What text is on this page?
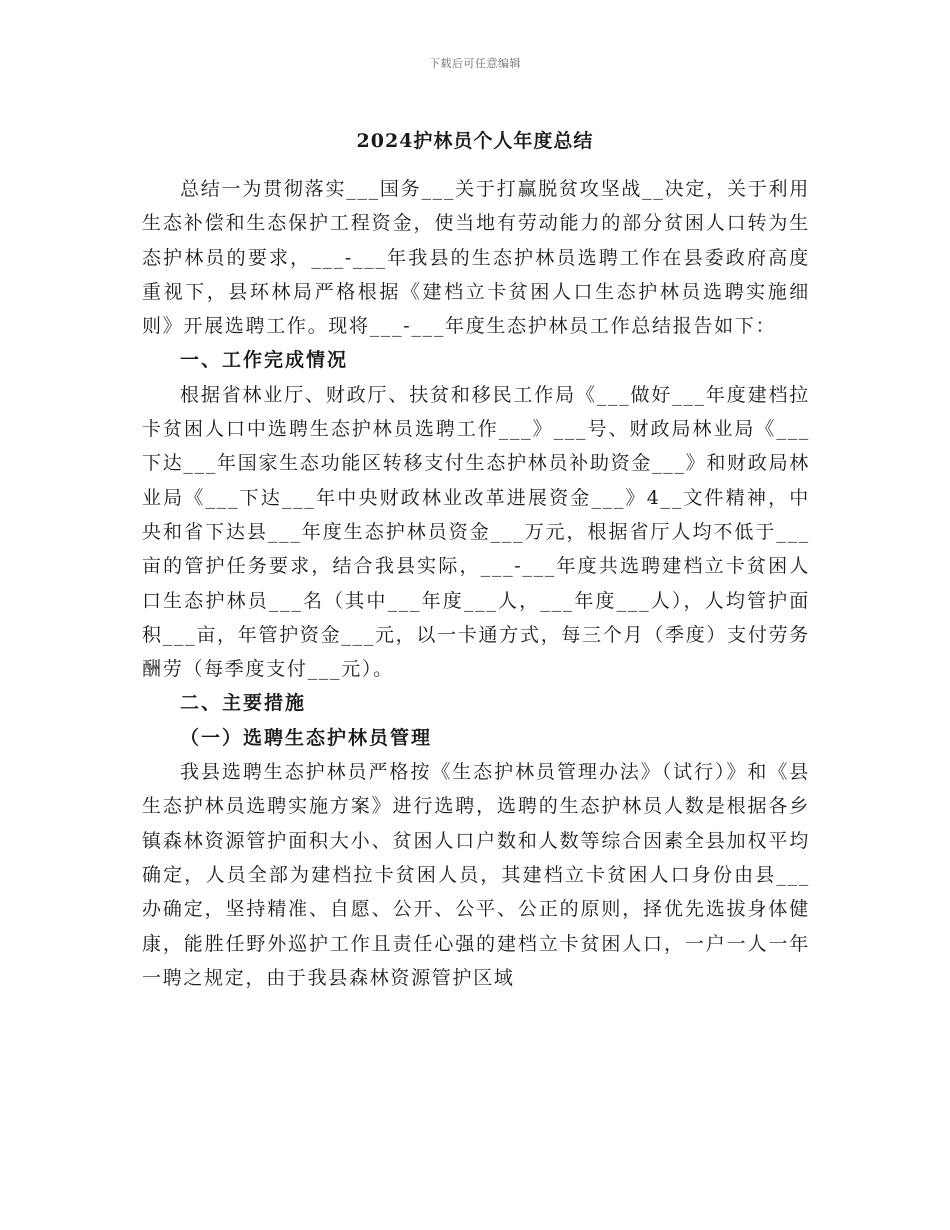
下载后可任意编辑
2024护林员个人年度总结

总结一为贯彻落实___国务___关于打赢脱贫攻坚战__决定，关于利用生态补偿和生态保护工程资金，使当地有劳动能力的部分贫困人口转为生态护林员的要求，___-___年我县的生态护林员选聘工作在县委政府高度重视下，县环林局严格根据《建档立卡贫困人口生态护林员选聘实施细则》开展选聘工作。现将___-___年度生态护林员工作总结报告如下：

一、工作完成情况

根据省林业厅、财政厅、扶贫和移民工作局《___做好___年度建档拉卡贫困人口中选聘生态护林员选聘工作___》___号、财政局林业局《___下达___年国家生态功能区转移支付生态护林员补助资金___》和财政局林业局《___下达___年中央财政林业改革进展资金___》4__文件精神，中央和省下达县___年度生态护林员资金___万元，根据省厅人均不低于___亩的管护任务要求，结合我县实际，___-___年度共选聘建档立卡贫困人口生态护林员___名（其中___年度___人，___年度___人），人均管护面积___亩，年管护资金___元，以一卡通方式，每三个月（季度）支付劳务酬劳（每季度支付___元）。

二、主要措施

（一）选聘生态护林员管理

我县选聘生态护林员严格按《生态护林员管理办法》（试行）》和《县生态护林员选聘实施方案》进行选聘，选聘的生态护林员人数是根据各乡镇森林资源管护面积大小、贫困人口户数和人数等综合因素全县加权平均确定，人员全部为建档拉卡贫困人员，其建档立卡贫困人口身份由县___办确定，坚持精准、自愿、公开、公平、公正的原则，择优先选拔身体健康，能胜任野外巡护工作且责任心强的建档立卡贫困人口，一户一人一年一聘之规定，由于我县森林资源管护区域
